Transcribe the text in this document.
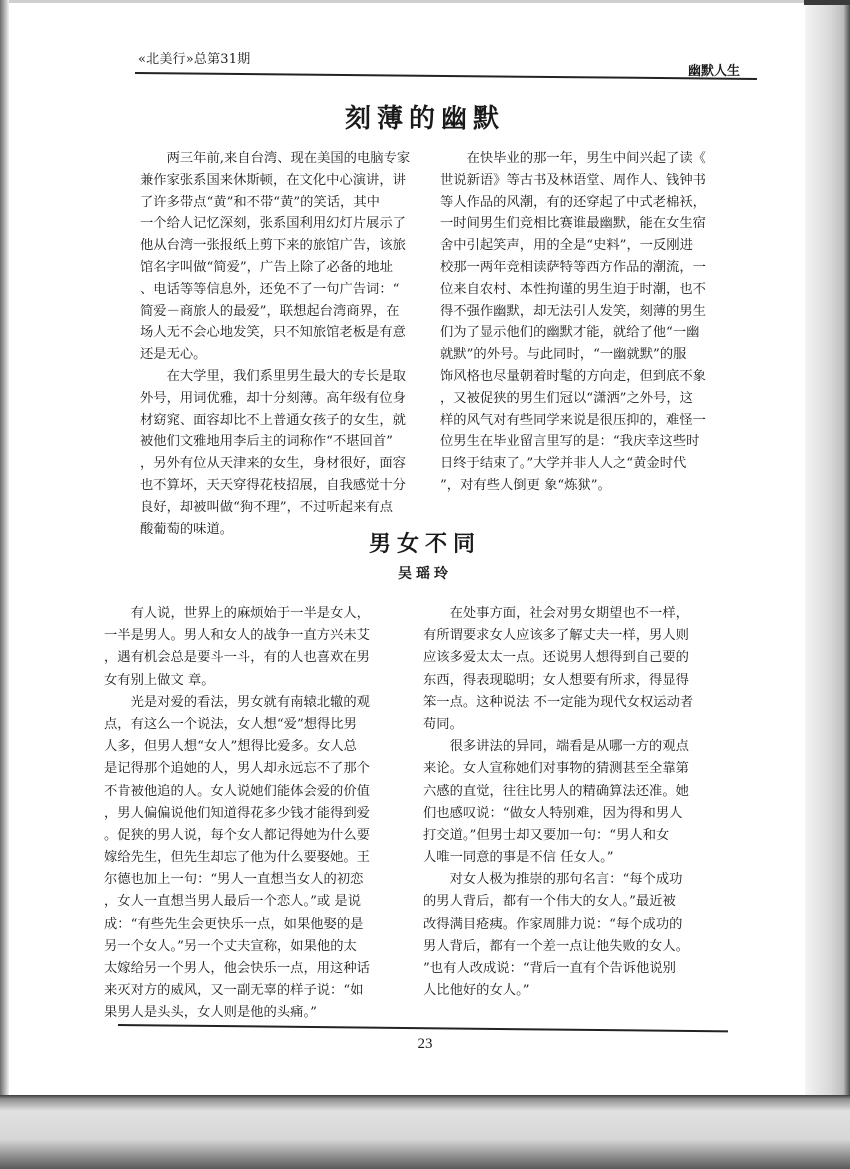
«北美行»总第31期
幽默人生
刻薄的幽默
　　两三年前,来自台湾、现在美国的电脑专家
兼作家张系国来休斯顿，在文化中心演讲，讲
了许多带点“黄”和不带“黄”的笑话，其中
一个给人记忆深刻，张系国利用幻灯片展示了
他从台湾一张报纸上剪下来的旅馆广告，该旅
馆名字叫做“简爱”，广告上除了必备的地址
、电话等等信息外，还免不了一句广告词：“
简爱－商旅人的最爱”，联想起台湾商界，在
场人无不会心地发笑，只不知旅馆老板是有意
还是无心。
　　在大学里，我们系里男生最大的专长是取
外号，用词优雅，却十分刻薄。高年级有位身
材窈窕、面容却比不上普通女孩子的女生，就
被他们文雅地用李后主的词称作“不堪回首”
，另外有位从天津来的女生，身材很好，面容
也不算坏，天天穿得花枝招展，自我感觉十分
良好，却被叫做“狗不理”，不过听起来有点
酸葡萄的味道。
　　在快毕业的那一年，男生中间兴起了读《
世说新语》等古书及林语堂、周作人、钱钟书
等人作品的风潮，有的还穿起了中式老棉袄，
一时间男生们竞相比赛谁最幽默，能在女生宿
舍中引起笑声，用的全是“史料”，一反刚进
校那一两年竞相读萨特等西方作品的潮流，一
位来自农村、本性拘谨的男生迫于时潮，也不
得不强作幽默，却无法引人发笑，刻薄的男生
们为了显示他们的幽默才能，就给了他“一幽
就默”的外号。与此同时，“一幽就默”的服
饰风格也尽量朝着时髦的方向走，但到底不象
，又被促狭的男生们冠以“潇洒”之外号，这
样的风气对有些同学来说是很压抑的，难怪一
位男生在毕业留言里写的是：“我庆幸这些时
日终于结束了。”大学并非人人之“黄金时代
”，对有些人倒更 象“炼狱”。
男女不同
吴瑶玲
　　有人说，世界上的麻烦始于一半是女人，
一半是男人。男人和女人的战争一直方兴未艾
，遇有机会总是要斗一斗，有的人也喜欢在男
女有别上做文 章。
　　光是对爱的看法，男女就有南辕北辙的观
点，有这么一个说法，女人想“爱”想得比男
人多，但男人想“女人”想得比爱多。女人总
是记得那个追她的人，男人却永远忘不了那个
不肯被他追的人。女人说她们能体会爱的价值
，男人偏偏说他们知道得花多少钱才能得到爱
。促狭的男人说，每个女人都记得她为什么要
嫁给先生，但先生却忘了他为什么要娶她。王
尔德也加上一句：“男人一直想当女人的初恋
，女人一直想当男人最后一个恋人。”或 是说
成：“有些先生会更快乐一点，如果他娶的是
另一个女人。”另一个丈夫宣称，如果他的太
太嫁给另一个男人，他会快乐一点，用这种话
来灭对方的威风，又一副无辜的样子说：“如
果男人是头头，女人则是他的头痛。”
　　在处事方面，社会对男女期望也不一样，
有所谓要求女人应该多了解丈夫一样，男人则
应该多爱太太一点。还说男人想得到自己要的
东西，得表现聪明；女人想要有所求，得显得
笨一点。这种说法 不一定能为现代女权运动者
苟同。
　　很多讲法的异同，端看是从哪一方的观点
来论。女人宣称她们对事物的猜测甚至全靠第
六感的直觉，往往比男人的精确算法还准。她
们也感叹说：“做女人特别难，因为得和男人
打交道。”但男士却又要加一句：“男人和女
人唯一同意的事是不信 任女人。”
　　对女人极为推崇的那句名言：“每个成功
的男人背后，都有一个伟大的女人。”最近被
改得满目疮痍。作家周腓力说：“每个成功的
男人背后，都有一个差一点让他失败的女人。
”也有人改成说：“背后一直有个告诉他说别
人比他好的女人。”
23
